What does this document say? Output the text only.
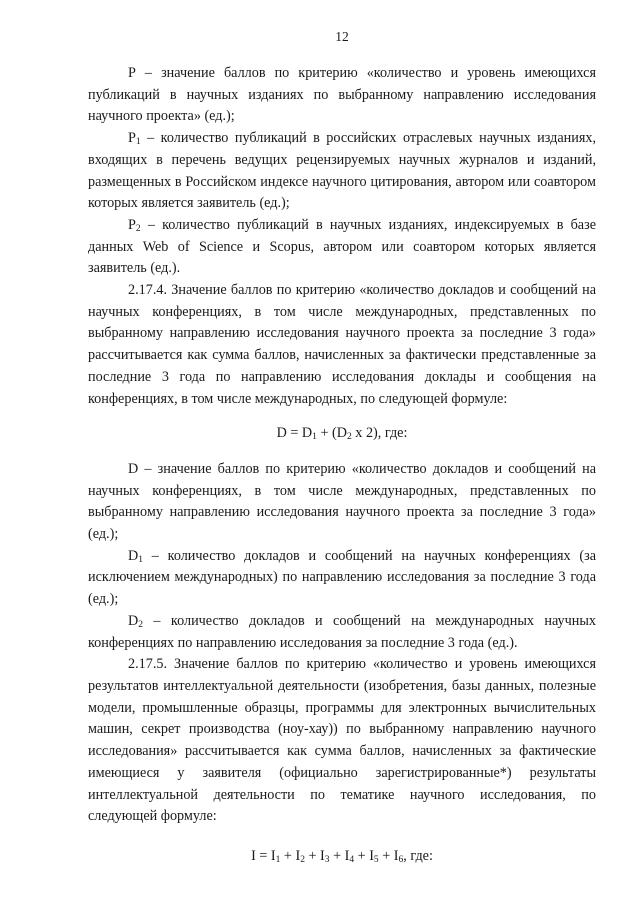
12

P – значение баллов по критерию «количество и уровень имеющихся публикаций в научных изданиях по выбранному направлению исследования научного проекта» (ед.);

$P_1$ – количество публикаций в российских отраслевых научных изданиях, входящих в перечень ведущих рецензируемых научных журналов и изданий, размещенных в Российском индексе научного цитирования, автором или соавтором которых является заявитель (ед.);

$P_2$ – количество публикаций в научных изданиях, индексируемых в базе данных Web of Science и Scopus, автором или соавтором которых является заявитель (ед.).

2.17.4. Значение баллов по критерию «количество докладов и сообщений на научных конференциях, в том числе международных, представленных по выбранному направлению исследования научного проекта за последние 3 года» рассчитывается как сумма баллов, начисленных за фактически представленные за последние 3 года по направлению исследования доклады и сообщения на конференциях, в том числе международных, по следующей формуле:

$D = D_1 + (D_2$ x 2), где:

D – значение баллов по критерию «количество докладов и сообщений на научных конференциях, в том числе международных, представленных по выбранному направлению исследования научного проекта за последние 3 года» (ед.);

$D_1$ – количество докладов и сообщений на научных конференциях (за исключением международных) по направлению исследования за последние 3 года (ед.);

$D_2$ – количество докладов и сообщений на международных научных конференциях по направлению исследования за последние 3 года (ед.).

2.17.5. Значение баллов по критерию «количество и уровень имеющихся результатов интеллектуальной деятельности (изобретения, базы данных, полезные модели, промышленные образцы, программы для электронных вычислительных машин, секрет производства (ноу-хау)) по выбранному направлению научного исследования» рассчитывается как сумма баллов, начисленных за фактические имеющиеся у заявителя (официально зарегистрированные*) результаты интеллектуальной деятельности по тематике научного исследования, по следующей формуле:

$I = I_1 + I_2 + I_3 + I_4 + I_5 + I_6$, где:
